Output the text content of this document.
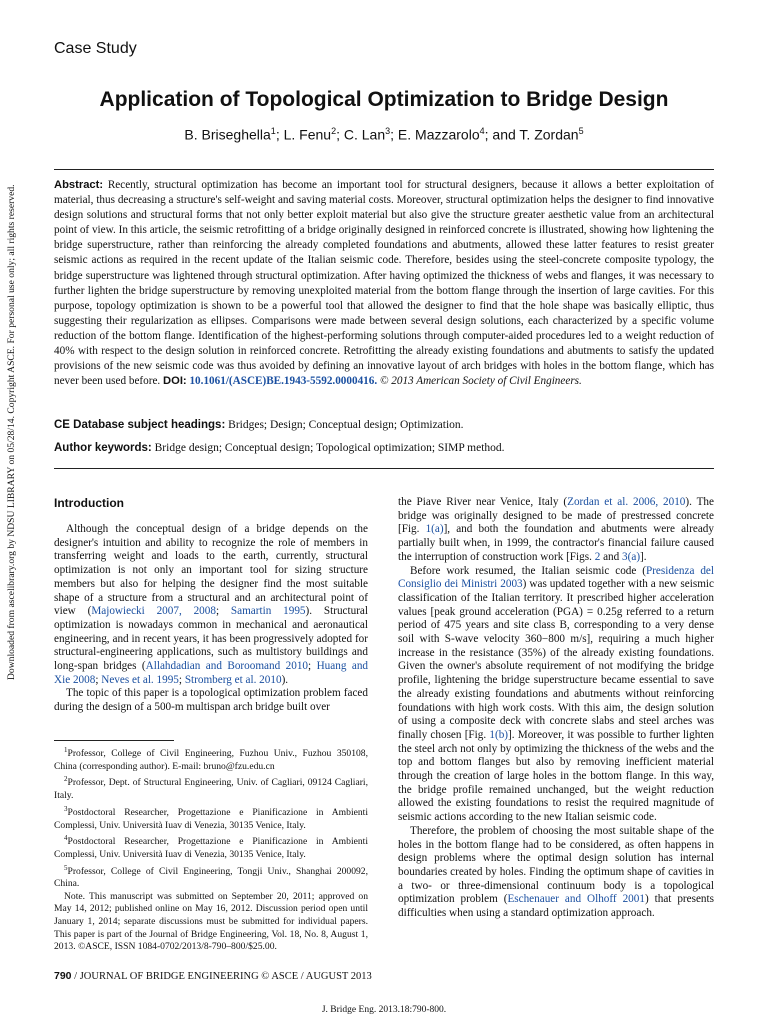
Case Study
Application of Topological Optimization to Bridge Design
B. Briseghella$^1$; L. Fenu$^2$; C. Lan$^3$; E. Mazzarolo$^4$; and T. Zordan$^5$

Abstract: Recently, structural optimization has become an important tool for structural designers, because it allows a better exploitation of material, thus decreasing a structure's self-weight and saving material costs. Moreover, structural optimization helps the designer to find innovative design solutions and structural forms that not only better exploit material but also give the structure greater aesthetic value from an architectural point of view. In this article, the seismic retrofitting of a bridge originally designed in reinforced concrete is illustrated, showing how lightening the bridge superstructure, rather than reinforcing the already completed foundations and abutments, allowed these latter features to resist greater seismic actions as required in the recent update of the Italian seismic code. Therefore, besides using the steel-concrete composite typology, the bridge superstructure was lightened through structural optimization. After having optimized the thickness of webs and flanges, it was necessary to further lighten the bridge superstructure by removing unexploited material from the bottom flange through the insertion of large cavities. For this purpose, topology optimization is shown to be a powerful tool that allowed the designer to find that the hole shape was basically elliptic, thus suggesting their regularization as ellipses. Comparisons were made between several design solutions, each characterized by a specific volume reduction of the bottom flange. Identification of the highest-performing solutions through computer-aided procedures led to a weight reduction of 40% with respect to the design solution in reinforced concrete. Retrofitting the already existing foundations and abutments to satisfy the updated provisions of the new seismic code was thus avoided by defining an innovative layout of arch bridges with holes in the bottom flange, which has never been used before. DOI: 10.1061/(ASCE)BE.1943-5592.0000416. © 2013 American Society of Civil Engineers.

CE Database subject headings: Bridges; Design; Conceptual design; Optimization.

Author keywords: Bridge design; Conceptual design; Topological optimization; SIMP method.

Introduction

Although the conceptual design of a bridge depends on the designer's intuition and ability to recognize the role of members in transferring weight and loads to the earth, currently, structural optimization is not only an important tool for sizing structure members but also for helping the designer find the most suitable shape of a structure from a structural and an architectural point of view (Majowiecki 2007, 2008; Samartin 1995). Structural optimization is nowadays common in mechanical and aeronautical engineering, and in recent years, it has been progressively adopted for structural-engineering applications, such as multistory buildings and long-span bridges (Allahdadian and Boroomand 2010; Huang and Xie 2008; Neves et al. 1995; Stromberg et al. 2010).

The topic of this paper is a topological optimization problem faced during the design of a 500-m multispan arch bridge built over

$^1$Professor, College of Civil Engineering, Fuzhou Univ., Fuzhou 350108, China (corresponding author). E-mail: bruno@fzu.edu.cn

$^2$Professor, Dept. of Structural Engineering, Univ. of Cagliari, 09124 Cagliari, Italy.

$^3$Postdoctoral Researcher, Progettazione e Pianificazione in Ambienti Complessi, Univ. Università Iuav di Venezia, 30135 Venice, Italy.

$^4$Postdoctoral Researcher, Progettazione e Pianificazione in Ambienti Complessi, Univ. Università Iuav di Venezia, 30135 Venice, Italy.

$^5$Professor, College of Civil Engineering, Tongji Univ., Shanghai 200092, China.

Note. This manuscript was submitted on September 20, 2011; approved on May 14, 2012; published online on May 16, 2012. Discussion period open until January 1, 2014; separate discussions must be submitted for individual papers. This paper is part of the Journal of Bridge Engineering, Vol. 18, No. 8, August 1, 2013. ©ASCE, ISSN 1084-0702/2013/8-790–800/$25.00.

the Piave River near Venice, Italy (Zordan et al. 2006, 2010). The bridge was originally designed to be made of prestressed concrete [Fig. 1(a)], and both the foundation and abutments were already partially built when, in 1999, the contractor's financial failure caused the interruption of construction work [Figs. 2 and 3(a)].

Before work resumed, the Italian seismic code (Presidenza del Consiglio dei Ministri 2003) was updated together with a new seismic classification of the Italian territory. It prescribed higher acceleration values [peak ground acceleration (PGA) = 0.25g referred to a return period of 475 years and site class B, corresponding to a very dense soil with S-wave velocity 360−800 m/s], requiring a much higher increase in the resistance (35%) of the already existing foundations. Given the owner's absolute requirement of not modifying the bridge profile, lightening the bridge superstructure became essential to save the already existing foundations and abutments without reinforcing foundations with high work costs. With this aim, the design solution of using a composite deck with concrete slabs and steel arches was finally chosen [Fig. 1(b)]. Moreover, it was possible to further lighten the steel arch not only by optimizing the thickness of the webs and the top and bottom flanges but also by removing inefficient material through the creation of large holes in the bottom flange. In this way, the bridge profile remained unchanged, but the weight reduction allowed the existing foundations to resist the required magnitude of seismic actions according to the new Italian seismic code.

Therefore, the problem of choosing the most suitable shape of the holes in the bottom flange had to be considered, as often happens in design problems where the optimal design solution has internal boundaries created by holes. Finding the optimum shape of cavities in a two- or three-dimensional continuum body is a topological optimization problem (Eschenauer and Olhoff 2001) that presents difficulties when using a standard optimization approach.

790 / JOURNAL OF BRIDGE ENGINEERING © ASCE / AUGUST 2013
J. Bridge Eng. 2013.18:790-800.
Downloaded from ascelibrary.org by NDSU LIBRARY on 05/28/14. Copyright ASCE. For personal use only; all rights reserved.
